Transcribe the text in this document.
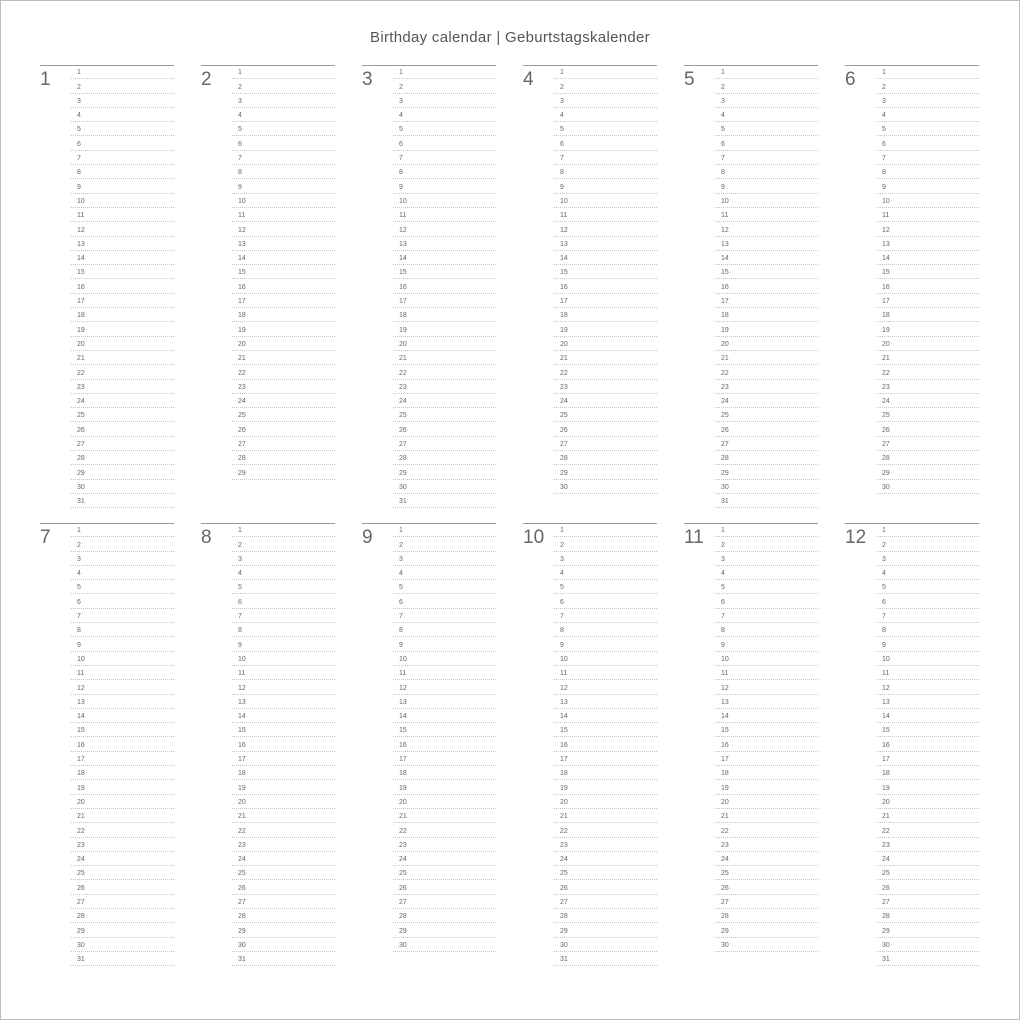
Birthday calendar | Geburtstagskalender
1	1
2
3
4
5
6
7
8
9
10
11
12
13
14
15
16
17
18
19
20
21
22
23
24
25
26
27
28
29
30
31
2	1
2
3
4
5
6
7
8
9
10
11
12
13
14
15
16
17
18
19
20
21
22
23
24
25
26
27
28
29
3	1
2
3
4
5
6
7
8
9
10
11
12
13
14
15
16
17
18
19
20
21
22
23
24
25
26
27
28
29
30
31
4	1
2
3
4
5
6
7
8
9
10
11
12
13
14
15
16
17
18
19
20
21
22
23
24
25
26
27
28
29
30
5	1
2
3
4
5
6
7
8
9
10
11
12
13
14
15
16
17
18
19
20
21
22
23
24
25
26
27
28
29
30
31
6	1
2
3
4
5
6
7
8
9
10
11
12
13
14
15
16
17
18
19
20
21
22
23
24
25
26
27
28
29
30
7	1
2
3
4
5
6
7
8
9
10
11
12
13
14
15
16
17
18
19
20
21
22
23
24
25
26
27
28
29
30
31
8	1
2
3
4
5
6
7
8
9
10
11
12
13
14
15
16
17
18
19
20
21
22
23
24
25
26
27
28
29
30
31
9	1
2
3
4
5
6
7
8
9
10
11
12
13
14
15
16
17
18
19
20
21
22
23
24
25
26
27
28
29
30
10	1
2
3
4
5
6
7
8
9
10
11
12
13
14
15
16
17
18
19
20
21
22
23
24
25
26
27
28
29
30
31
11	1
2
3
4
5
6
7
8
9
10
11
12
13
14
15
16
17
18
19
20
21
22
23
24
25
26
27
28
29
30
12	1
2
3
4
5
6
7
8
9
10
11
12
13
14
15
16
17
18
19
20
21
22
23
24
25
26
27
28
29
30
31
